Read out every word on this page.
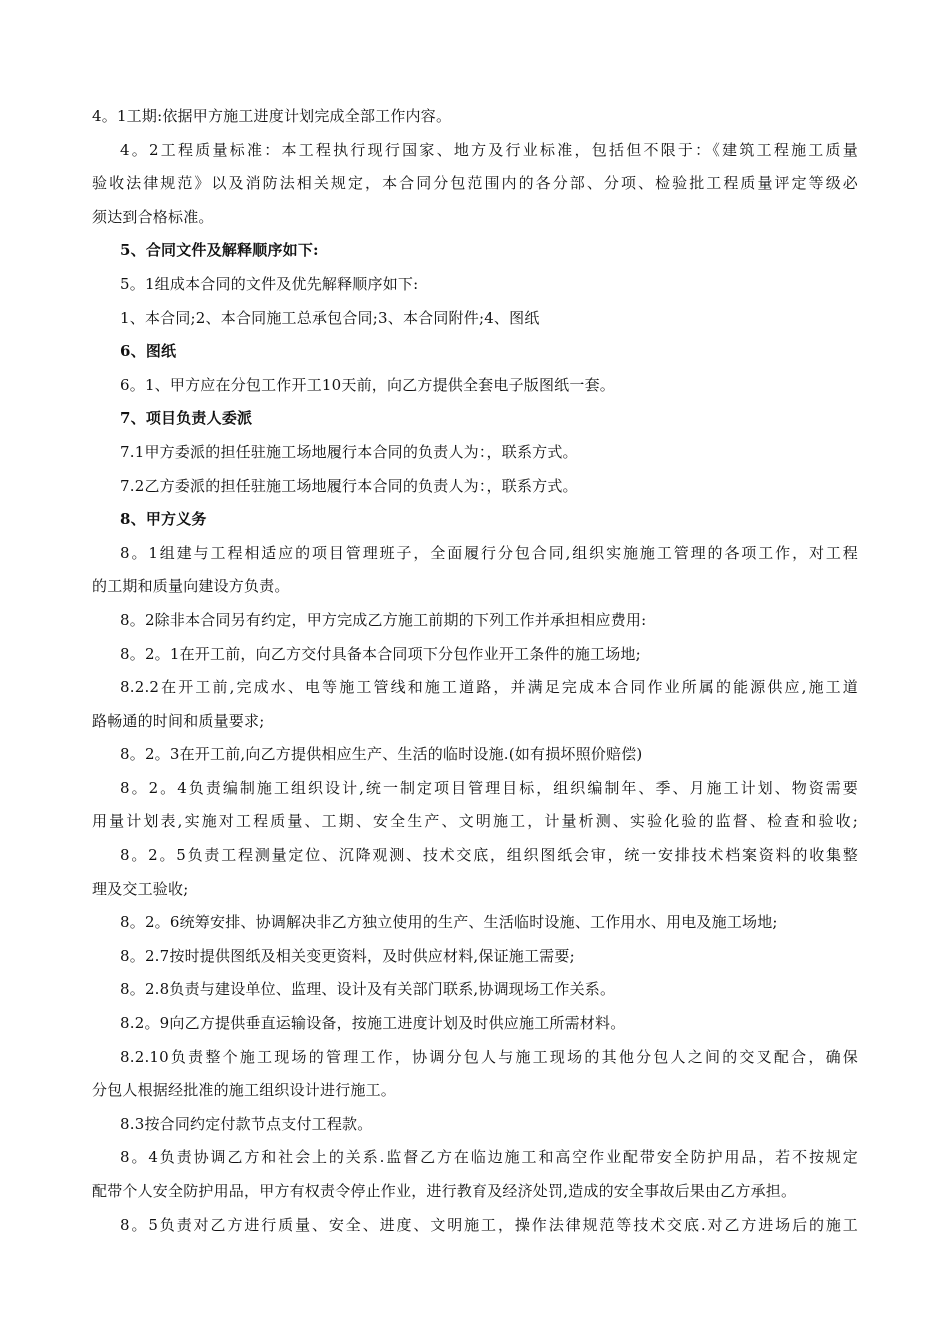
4。1工期:依据甲方施工进度计划完成全部工作内容。
4。2工程质量标准：本工程执行现行国家、地方及行业标准，包括但不限于：《建筑工程施工质量
验收法律规范》以及消防法相关规定，本合同分包范围内的各分部、分项、检验批工程质量评定等级必
须达到合格标准。
5、合同文件及解释顺序如下:
5。1组成本合同的文件及优先解释顺序如下:
1、本合同;2、本合同施工总承包合同;3、本合同附件;4、图纸
6、图纸
6。1、甲方应在分包工作开工10天前，向乙方提供全套电子版图纸一套。
7、项目负责人委派
7.1甲方委派的担任驻施工场地履行本合同的负责人为：，联系方式。
7.2乙方委派的担任驻施工场地履行本合同的负责人为：，联系方式。
8、甲方义务
8。1组建与工程相适应的项目管理班子，全面履行分包合同,组织实施施工管理的各项工作，对工程
的工期和质量向建设方负责。
8。2除非本合同另有约定，甲方完成乙方施工前期的下列工作并承担相应费用:
8。2。1在开工前，向乙方交付具备本合同项下分包作业开工条件的施工场地;
8.2.2在开工前,完成水、电等施工管线和施工道路，并满足完成本合同作业所属的能源供应,施工道
路畅通的时间和质量要求;
8。2。3在开工前,向乙方提供相应生产、生活的临时设施.(如有损坏照价赔偿)
8。2。4负责编制施工组织设计,统一制定项目管理目标，组织编制年、季、月施工计划、物资需要
用量计划表,实施对工程质量、工期、安全生产、文明施工，计量析测、实验化验的监督、检查和验收;
8。2。5负责工程测量定位、沉降观测、技术交底，组织图纸会审，统一安排技术档案资料的收集整
理及交工验收;
8。2。6统筹安排、协调解决非乙方独立使用的生产、生活临时设施、工作用水、用电及施工场地;
8。2.7按时提供图纸及相关变更资料，及时供应材料,保证施工需要;
8。2.8负责与建设单位、监理、设计及有关部门联系,协调现场工作关系。
8.2。9向乙方提供垂直运输设备，按施工进度计划及时供应施工所需材料。
8.2.10负责整个施工现场的管理工作，协调分包人与施工现场的其他分包人之间的交叉配合，确保
分包人根据经批准的施工组织设计进行施工。
8.3按合同约定付款节点支付工程款。
8。4负责协调乙方和社会上的关系.监督乙方在临边施工和高空作业配带安全防护用品，若不按规定
配带个人安全防护用品，甲方有权责令停止作业，进行教育及经济处罚,造成的安全事故后果由乙方承担。
8。5负责对乙方进行质量、安全、进度、文明施工，操作法律规范等技术交底.对乙方进场后的施工
